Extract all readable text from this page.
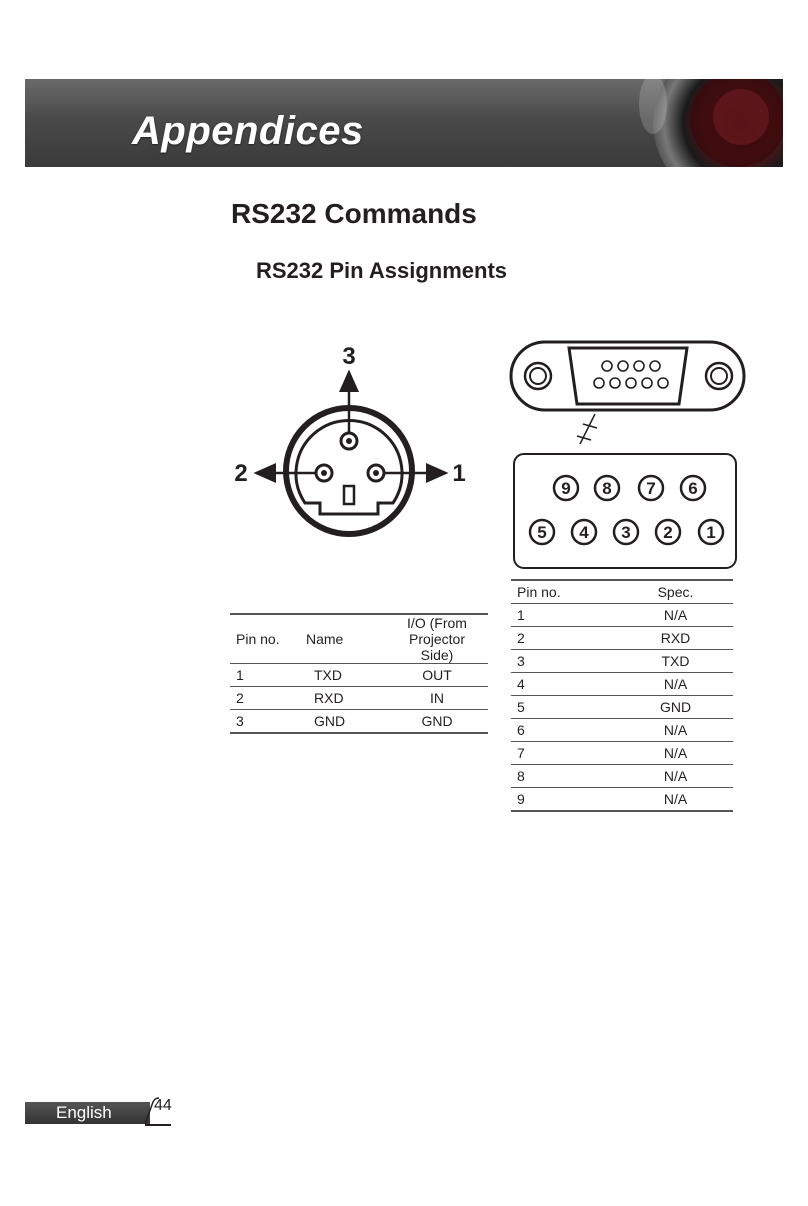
Appendices
RS232 Commands
RS232 Pin Assignments
3
2	1
9 8 7 6
5 4 3 2 1
Pin no.	Name	I/O (From
Projector Side)
1	TXD	OUT
2	RXD	IN
3	GND	GND
Pin no.	Spec.
1	N/A
2	RXD
3	TXD
4	N/A
5	GND
6	N/A
7	N/A
8	N/A
9	N/A
English	44
